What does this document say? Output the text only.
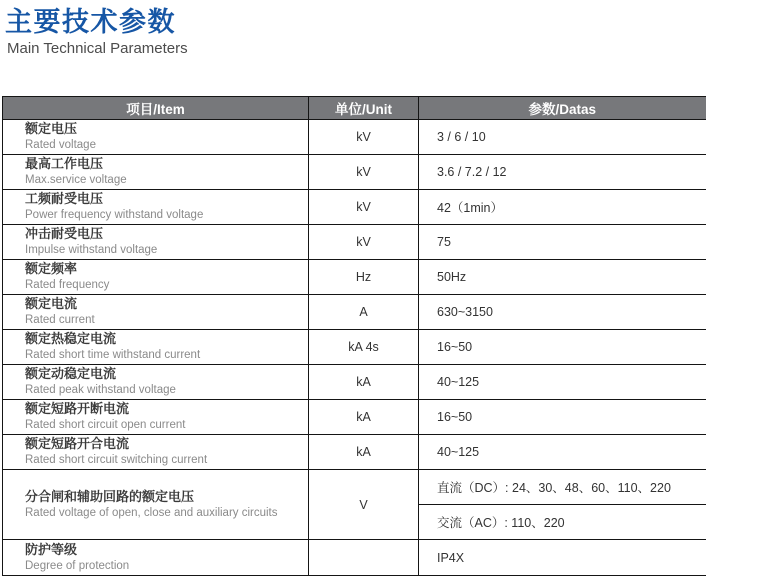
主要技术参数
Main Technical Parameters
项目/Item	单位/Unit	参数/Datas

额定电压
Rated voltage	kV	3 / 6 / 10

最高工作电压
Max.service voltage	kV	3.6 / 7.2 / 12

工频耐受电压
Power frequency withstand voltage	kV	42（1min）

冲击耐受电压
Impulse withstand voltage	kV	75

额定频率
Rated frequency	Hz	50Hz

额定电流
Rated current	A	630~3150

额定热稳定电流
Rated short time withstand current	kA 4s	16~50

额定动稳定电流
Rated peak withstand voltage	kA	40~125

额定短路开断电流
Rated short circuit open current	kA	16~50

额定短路开合电流
Rated short circuit switching current	kA	40~125

分合闸和辅助回路的额定电压
Rated voltage of open, close and auxiliary circuits	V	直流（DC）: 24、30、48、60、110、220
		交流（AC）: 110、220

防护等级
Degree of protection		IP4X
